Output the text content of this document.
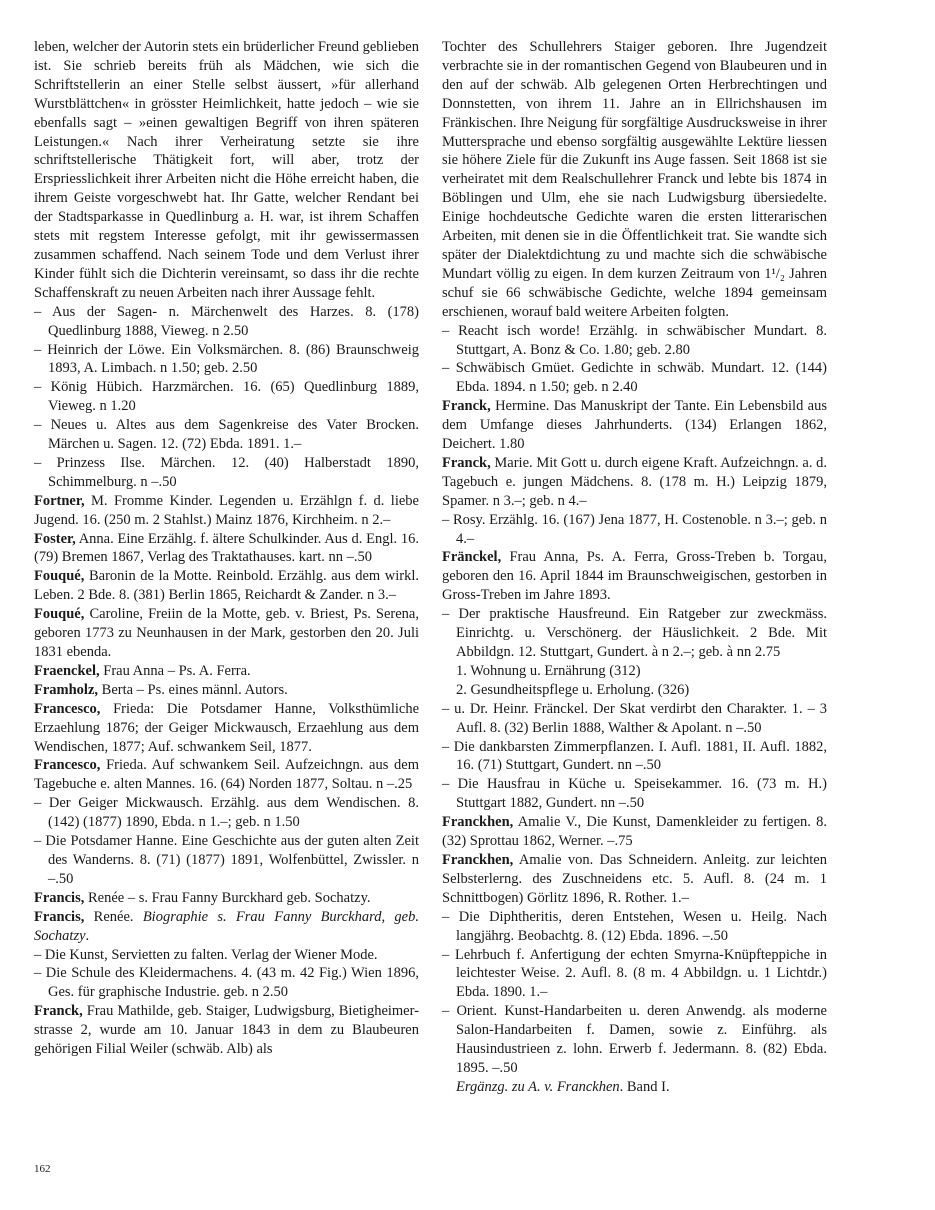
leben, welcher der Autorin stets ein brüderlicher Freund geblieben ist. Sie schrieb bereits früh als Mädchen, wie sich die Schriftstellerin an einer Stelle selbst äussert, »für allerhand Wurstblättchen« in grösster Heimlichkeit, hatte jedoch – wie sie ebenfalls sagt – »einen gewaltigen Begriff von ihren späteren Leistungen.« Nach ihrer Verheiratung setzte sie ihre schriftstellerische Thätigkeit fort, will aber, trotz der Erspriesslichkeit ihrer Arbeiten nicht die Höhe erreicht haben, die ihrem Geiste vorgeschwebt hat. Ihr Gatte, welcher Rendant bei der Stadtsparkasse in Quedlinburg a. H. war, ist ihrem Schaffen stets mit regstem Interesse gefolgt, mit ihr gewissermassen zusammen schaffend. Nach seinem Tode und dem Verlust ihrer Kinder fühlt sich die Dichterin vereinsamt, so dass ihr die rechte Schaffenskraft zu neuen Arbeiten nach ihrer Aussage fehlt.

– Aus der Sagen- n. Märchenwelt des Harzes. 8. (178) Quedlinburg 1888, Vieweg. n 2.50

– Heinrich der Löwe. Ein Volksmärchen. 8. (86) Braunschweig 1893, A. Limbach. n 1.50; geb. 2.50

– König Hübich. Harzmärchen. 16. (65) Quedlinburg 1889, Vieweg. n 1.20

– Neues u. Altes aus dem Sagenkreise des Vater Brocken. Märchen u. Sagen. 12. (72) Ebda. 1891. 1.–

– Prinzess Ilse. Märchen. 12. (40) Halberstadt 1890, Schimmelburg. n –.50

Fortner, M. Fromme Kinder. Legenden u. Erzählgn f. d. liebe Jugend. 16. (250 m. 2 Stahlst.) Mainz 1876, Kirchheim. n 2.–

Foster, Anna. Eine Erzählg. f. ältere Schulkinder. Aus d. Engl. 16. (79) Bremen 1867, Verlag des Traktathauses. kart. nn –.50

Fouqué, Baronin de la Motte. Reinbold. Erzählg. aus dem wirkl. Leben. 2 Bde. 8. (381) Berlin 1865, Reichardt & Zander. n 3.–

Fouqué, Caroline, Freiin de la Motte, geb. v. Briest, Ps. Serena, geboren 1773 zu Neunhausen in der Mark, gestorben den 20. Juli 1831 ebenda.

Fraenckel, Frau Anna – Ps. A. Ferra.

Framholz, Berta – Ps. eines männl. Autors.

Francesco, Frieda: Die Potsdamer Hanne, Volksthümliche Erzaehlung 1876; der Geiger Mickwausch, Erzaehlung aus dem Wendischen, 1877; Auf. schwankem Seil, 1877.

Francesco, Frieda. Auf schwankem Seil. Aufzeichngn. aus dem Tagebuche e. alten Mannes. 16. (64) Norden 1877, Soltau. n –.25

– Der Geiger Mickwausch. Erzählg. aus dem Wendischen. 8. (142) (1877) 1890, Ebda. n 1.–; geb. n 1.50

– Die Potsdamer Hanne. Eine Geschichte aus der guten alten Zeit des Wanderns. 8. (71) (1877) 1891, Wolfenbüttel, Zwissler. n –.50

Francis, Renée – s. Frau Fanny Burckhard geb. Sochatzy.

Francis, Renée. Biographie s. Frau Fanny Burckhard, geb. Sochatzy.

– Die Kunst, Servietten zu falten. Verlag der Wiener Mode.

– Die Schule des Kleidermachens. 4. (43 m. 42 Fig.) Wien 1896, Ges. für graphische Industrie. geb. n 2.50

Franck, Frau Mathilde, geb. Staiger, Ludwigsburg, Bietigheimer-strasse 2, wurde am 10. Januar 1843 in dem zu Blaubeuren gehörigen Filial Weiler (schwäb. Alb) als

Tochter des Schullehrers Staiger geboren. Ihre Jugendzeit verbrachte sie in der romantischen Gegend von Blaubeuren und in den auf der schwäb. Alb gelegenen Orten Herbrechtingen und Donnstetten, von ihrem 11. Jahre an in Ellrichshausen im Fränkischen. Ihre Neigung für sorgfältige Ausdrucksweise in ihrer Muttersprache und ebenso sorgfältig ausgewählte Lektüre liessen sie höhere Ziele für die Zukunft ins Auge fassen. Seit 1868 ist sie verheiratet mit dem Realschullehrer Franck und lebte bis 1874 in Böblingen und Ulm, ehe sie nach Ludwigsburg übersiedelte. Einige hochdeutsche Gedichte waren die ersten litterarischen Arbeiten, mit denen sie in die Öffentlichkeit trat. Sie wandte sich später der Dialektdichtung zu und machte sich die schwäbische Mundart völlig zu eigen. In dem kurzen Zeitraum von 1¹/₂ Jahren schuf sie 66 schwäbische Gedichte, welche 1894 gemeinsam erschienen, worauf bald weitere Arbeiten folgten.

– Reacht isch worde! Erzählg. in schwäbischer Mundart. 8. Stuttgart, A. Bonz & Co. 1.80; geb. 2.80

– Schwäbisch Gmüet. Gedichte in schwäb. Mundart. 12. (144) Ebda. 1894. n 1.50; geb. n 2.40

Franck, Hermine. Das Manuskript der Tante. Ein Lebensbild aus dem Umfange dieses Jahrhunderts. (134) Erlangen 1862, Deichert. 1.80

Franck, Marie. Mit Gott u. durch eigene Kraft. Aufzeichngn. a. d. Tagebuch e. jungen Mädchens. 8. (178 m. H.) Leipzig 1879, Spamer. n 3.–; geb. n 4.–

– Rosy. Erzählg. 16. (167) Jena 1877, H. Costenoble. n 3.–; geb. n 4.–

Fränckel, Frau Anna, Ps. A. Ferra, Gross-Treben b. Torgau, geboren den 16. April 1844 im Braunschweigischen, gestorben in Gross-Treben im Jahre 1893.

– Der praktische Hausfreund. Ein Ratgeber zur zweckmäss. Einrichtg. u. Verschönerg. der Häuslichkeit. 2 Bde. Mit Abbildgn. 12. Stuttgart, Gundert. à n 2.–; geb. à nn 2.75

1. Wohnung u. Ernährung (312)

2. Gesundheitspflege u. Erholung. (326)

– u. Dr. Heinr. Fränckel. Der Skat verdirbt den Charakter. 1. – 3 Aufl. 8. (32) Berlin 1888, Walther & Apolant. n –.50

– Die dankbarsten Zimmerpflanzen. I. Aufl. 1881, II. Aufl. 1882, 16. (71) Stuttgart, Gundert. nn –.50

– Die Hausfrau in Küche u. Speisekammer. 16. (73 m. H.) Stuttgart 1882, Gundert. nn –.50

Franckhen, Amalie V., Die Kunst, Damenkleider zu fertigen. 8. (32) Sprottau 1862, Werner. –.75

Franckhen, Amalie von. Das Schneidern. Anleitg. zur leichten Selbsterlerng. des Zuschneidens etc. 5. Aufl. 8. (24 m. 1 Schnittbogen) Görlitz 1896, R. Rother. 1.–

– Die Diphtheritis, deren Entstehen, Wesen u. Heilg. Nach langjährg. Beobachtg. 8. (12) Ebda. 1896. –.50

– Lehrbuch f. Anfertigung der echten Smyrna-Knüpfteppiche in leichtester Weise. 2. Aufl. 8. (8 m. 4 Abbildgn. u. 1 Lichtdr.) Ebda. 1890. 1.–

– Orient. Kunst-Handarbeiten u. deren Anwendg. als moderne Salon-Handarbeiten f. Damen, sowie z. Einführg. als Hausindustrieen z. lohn. Erwerb f. Jedermann. 8. (82) Ebda. 1895. –.50

Ergänzg. zu A. v. Franckhen. Band I.

162
